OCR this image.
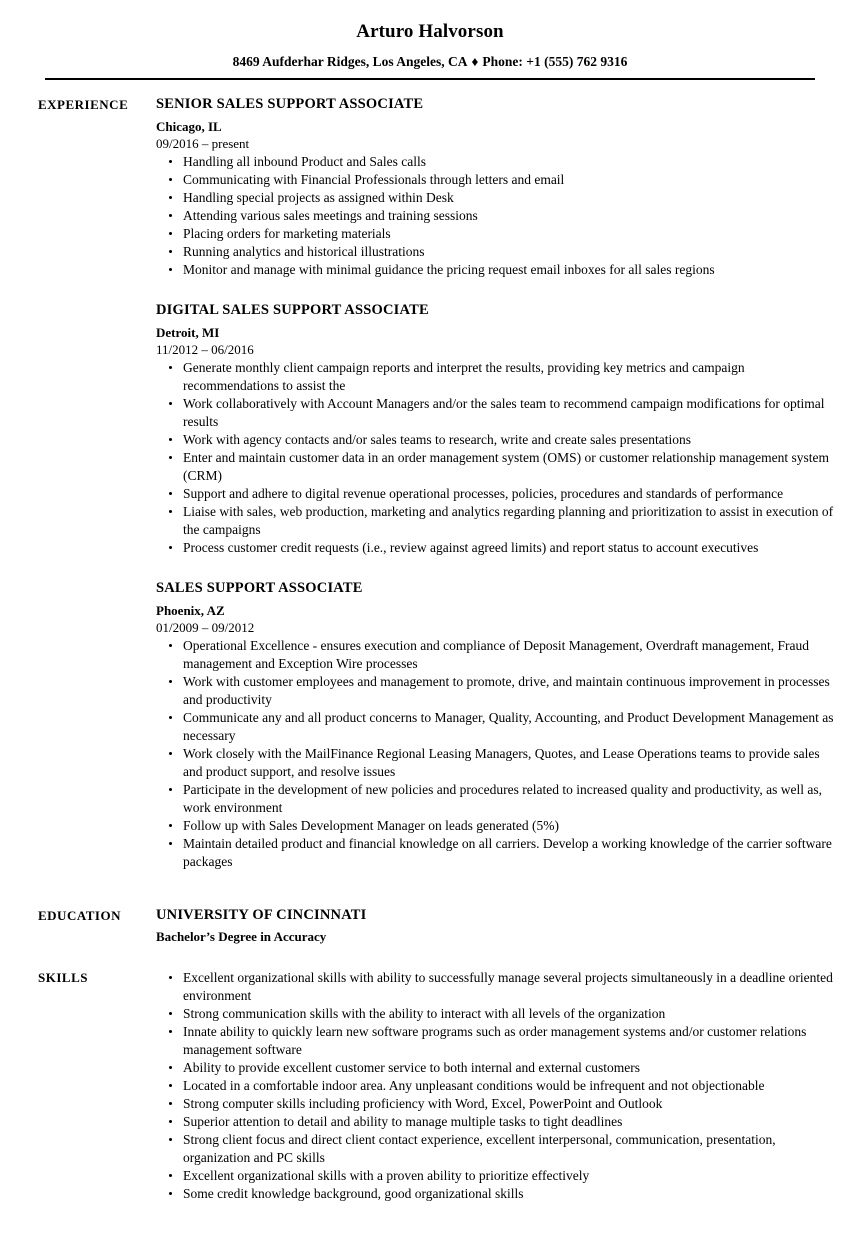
Arturo Halvorson
8469 Aufderhar Ridges, Los Angeles, CA ♦ Phone: +1 (555) 762 9316
EXPERIENCE	SENIOR SALES SUPPORT ASSOCIATE
Chicago, IL
09/2016 – present
Handling all inbound Product and Sales calls
Communicating with Financial Professionals through letters and email
Handling special projects as assigned within Desk
Attending various sales meetings and training sessions
Placing orders for marketing materials
Running analytics and historical illustrations
Monitor and manage with minimal guidance the pricing request email inboxes for all sales regions
DIGITAL SALES SUPPORT ASSOCIATE
Detroit, MI
11/2012 – 06/2016
Generate monthly client campaign reports and interpret the results, providing key metrics and campaign recommendations to assist the
Work collaboratively with Account Managers and/or the sales team to recommend campaign modifications for optimal results
Work with agency contacts and/or sales teams to research, write and create sales presentations
Enter and maintain customer data in an order management system (OMS) or customer relationship management system (CRM)
Support and adhere to digital revenue operational processes, policies, procedures and standards of performance
Liaise with sales, web production, marketing and analytics regarding planning and prioritization to assist in execution of the campaigns
Process customer credit requests (i.e., review against agreed limits) and report status to account executives
SALES SUPPORT ASSOCIATE
Phoenix, AZ
01/2009 – 09/2012
Operational Excellence - ensures execution and compliance of Deposit Management, Overdraft management, Fraud management and Exception Wire processes
Work with customer employees and management to promote, drive, and maintain continuous improvement in processes and productivity
Communicate any and all product concerns to Manager, Quality, Accounting, and Product Development Management as necessary
Work closely with the MailFinance Regional Leasing Managers, Quotes, and Lease Operations teams to provide sales and product support, and resolve issues
Participate in the development of new policies and procedures related to increased quality and productivity, as well as, work environment
Follow up with Sales Development Manager on leads generated (5%)
Maintain detailed product and financial knowledge on all carriers. Develop a working knowledge of the carrier software packages
EDUCATION	UNIVERSITY OF CINCINNATI
Bachelor’s Degree in Accuracy
SKILLS	Excellent organizational skills with ability to successfully manage several projects simultaneously in a deadline oriented environment
Strong communication skills with the ability to interact with all levels of the organization
Innate ability to quickly learn new software programs such as order management systems and/or customer relations management software
Ability to provide excellent customer service to both internal and external customers
Located in a comfortable indoor area. Any unpleasant conditions would be infrequent and not objectionable
Strong computer skills including proficiency with Word, Excel, PowerPoint and Outlook
Superior attention to detail and ability to manage multiple tasks to tight deadlines
Strong client focus and direct client contact experience, excellent interpersonal, communication, presentation, organization and PC skills
Excellent organizational skills with a proven ability to prioritize effectively
Some credit knowledge background, good organizational skills
